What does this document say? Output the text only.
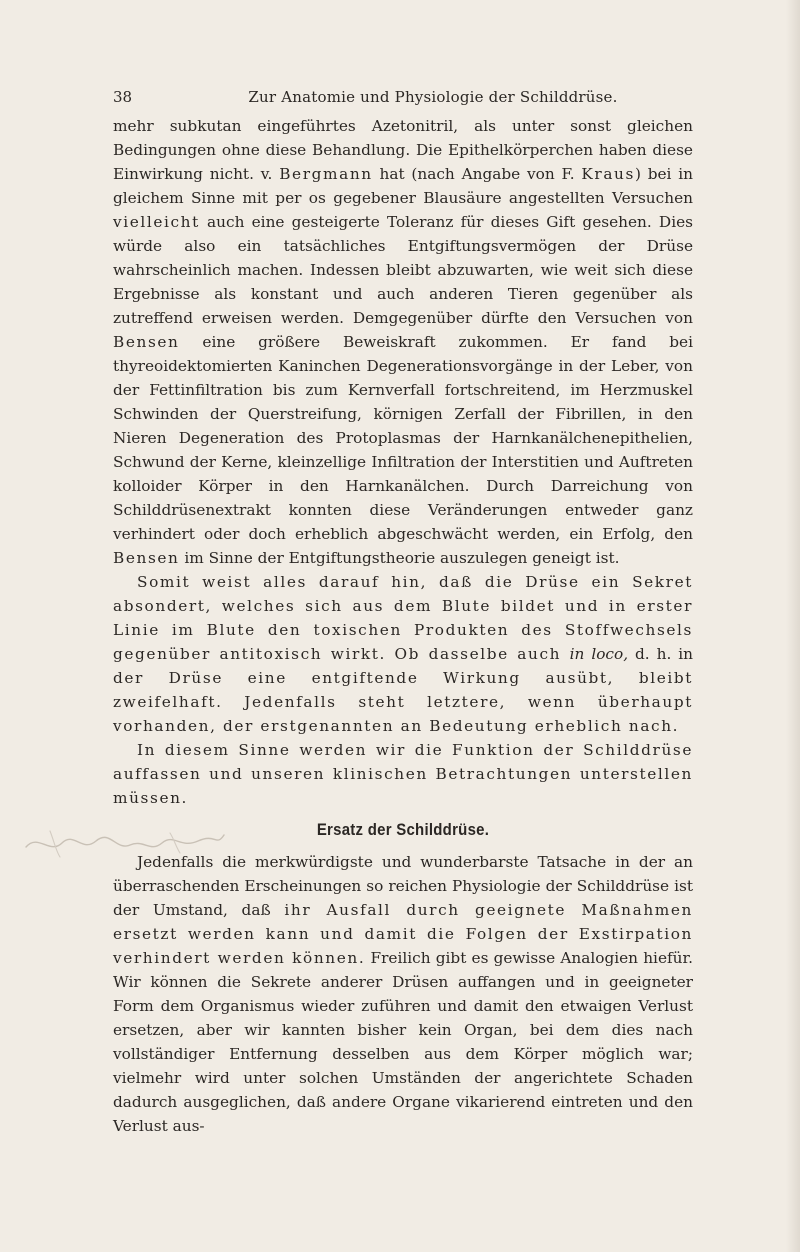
38	Zur Anatomie und Physiologie der Schilddrüse.

mehr subkutan eingeführtes Azetonitril, als unter sonst gleichen Bedingungen ohne diese Behandlung. Die Epithelkörperchen haben diese Einwirkung nicht. v. Bergmann hat (nach Angabe von F. Kraus) bei in gleichem Sinne mit per os gegebener Blausäure angestellten Versuchen vielleicht auch eine gesteigerte Toleranz für dieses Gift gesehen. Dies würde also ein tatsächliches Entgiftungsvermögen der Drüse wahrscheinlich machen. Indessen bleibt abzuwarten, wie weit sich diese Ergebnisse als konstant und auch anderen Tieren gegenüber als zutreffend erweisen werden. Demgegenüber dürfte den Versuchen von Bensen eine größere Beweiskraft zukommen. Er fand bei thyreoidektomierten Kaninchen Degenerationsvorgänge in der Leber, von der Fettinfiltration bis zum Kernverfall fortschreitend, im Herzmuskel Schwinden der Querstreifung, körnigen Zerfall der Fibrillen, in den Nieren Degeneration des Protoplasmas der Harnkanälchenepithelien, Schwund der Kerne, kleinzellige Infiltration der Interstitien und Auftreten kolloider Körper in den Harnkanälchen. Durch Darreichung von Schilddrüsenextrakt konnten diese Veränderungen entweder ganz verhindert oder doch erheblich abgeschwächt werden, ein Erfolg, den Bensen im Sinne der Entgiftungstheorie auszulegen geneigt ist.

Somit weist alles darauf hin, daß die Drüse ein Sekret absondert, welches sich aus dem Blute bildet und in erster Linie im Blute den toxischen Produkten des Stoffwechsels gegenüber antitoxisch wirkt. Ob dasselbe auch in loco, d. h. in der Drüse eine entgiftende Wirkung ausübt, bleibt zweifelhaft. Jedenfalls steht letztere, wenn überhaupt vorhanden, der erstgenannten an Bedeutung erheblich nach.

In diesem Sinne werden wir die Funktion der Schilddrüse auffassen und unseren klinischen Betrachtungen unterstellen müssen.

Ersatz der Schilddrüse.

Jedenfalls die merkwürdigste und wunderbarste Tatsache in der an überraschenden Erscheinungen so reichen Physiologie der Schilddrüse ist der Umstand, daß ihr Ausfall durch geeignete Maßnahmen ersetzt werden kann und damit die Folgen der Exstirpation verhindert werden können. Freilich gibt es gewisse Analogien hiefür. Wir können die Sekrete anderer Drüsen auffangen und in geeigneter Form dem Organismus wieder zuführen und damit den etwaigen Verlust ersetzen, aber wir kannten bisher kein Organ, bei dem dies nach vollständiger Entfernung desselben aus dem Körper möglich war; vielmehr wird unter solchen Umständen der angerichtete Schaden dadurch ausgeglichen, daß andere Organe vikarierend eintreten und den Verlust aus-
